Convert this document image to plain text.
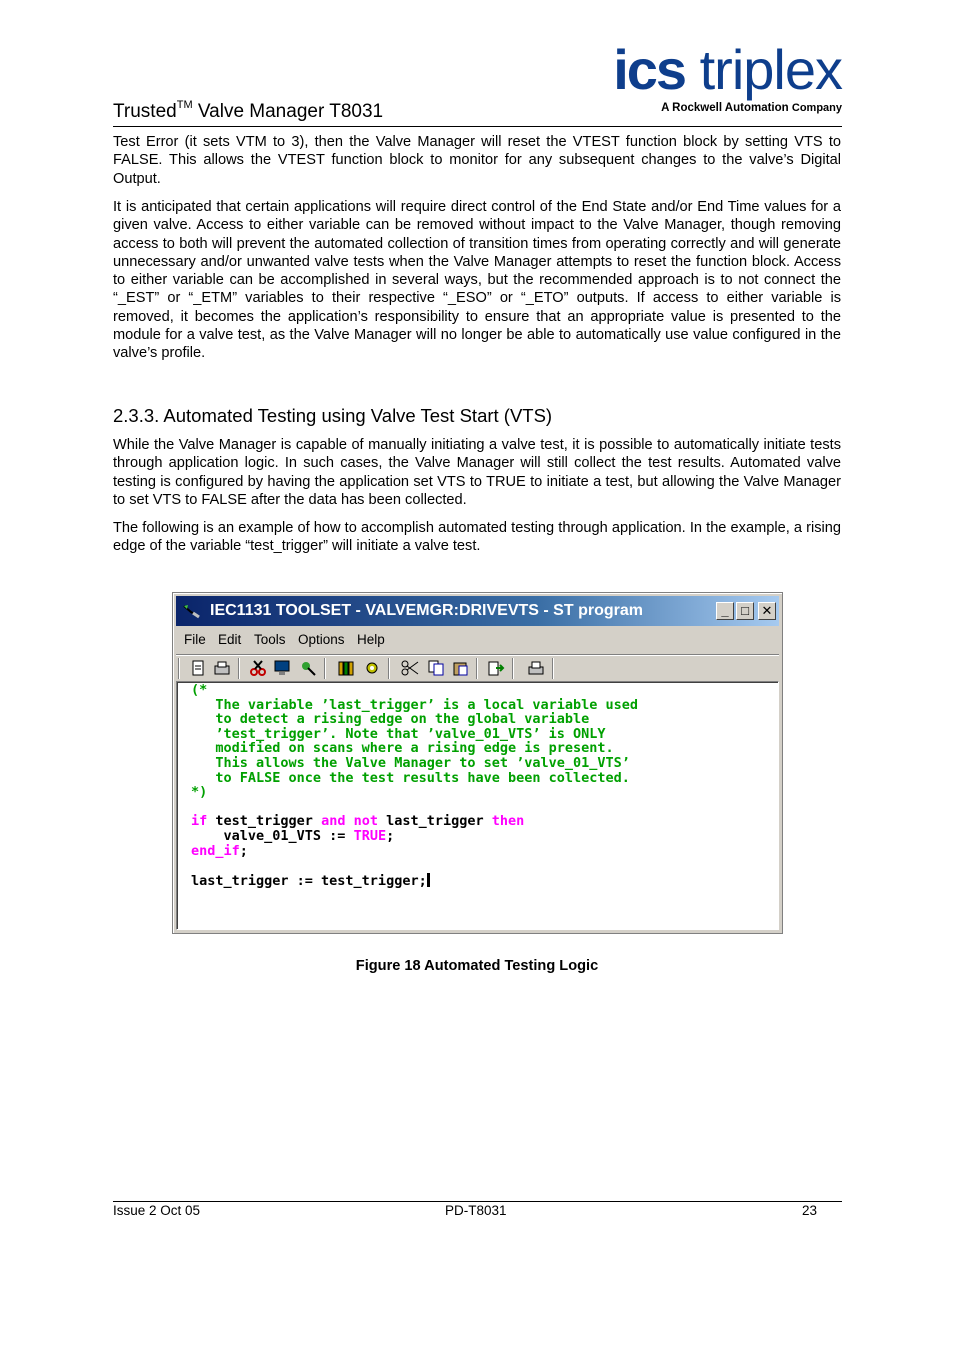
Trusted™ Valve Manager T8031
ics triplex
A Rockwell Automation Company

Test Error (it sets VTM to 3), then the Valve Manager will reset the VTEST function block by setting VTS to FALSE. This allows the VTEST function block to monitor for any subsequent changes to the valve’s Digital Output.

It is anticipated that certain applications will require direct control of the End State and/or End Time values for a given valve. Access to either variable can be removed without impact to the Valve Manager, though removing access to both will prevent the automated collection of transition times from operating correctly and will generate unnecessary and/or unwanted valve tests when the Valve Manager attempts to reset the function block. Access to either variable can be accomplished in several ways, but the recommended approach is to not connect the “_EST” or “_ETM” variables to their respective “_ESO” or “_ETO” outputs. If access to either variable is removed, it becomes the application’s responsibility to ensure that an appropriate value is presented to the module for a valve test, as the Valve Manager will no longer be able to automatically use value configured in the valve’s profile.

2.3.3. Automated Testing using Valve Test Start (VTS)

While the Valve Manager is capable of manually initiating a valve test, it is possible to automatically initiate tests through application logic. In such cases, the Valve Manager will still collect the test results. Automated valve testing is configured by having the application set VTS to TRUE to initiate a test, but allowing the Valve Manager to set VTS to FALSE after the data has been collected.

The following is an example of how to accomplish automated testing through application. In the example, a rising edge of the variable “test_trigger” will initiate a valve test.

IEC1131 TOOLSET - VALVEMGR:DRIVEVTS - ST program	_ □ ✕
File Edit Tools Options Help
(*
The variable ’last_trigger’ is a local variable used
to detect a rising edge on the global variable
’test_trigger’. Note that ’valve_01_VTS’ is ONLY
modified on scans where a rising edge is present.
This allows the Valve Manager to set ’valve_01_VTS’
to FALSE once the test results have been collected.
*)

if test_trigger and not last_trigger then
valve_01_VTS := TRUE;
end_if;

last_trigger := test_trigger;
Figure 18 Automated Testing Logic
Issue 2 Oct 05	PD-T8031	23
